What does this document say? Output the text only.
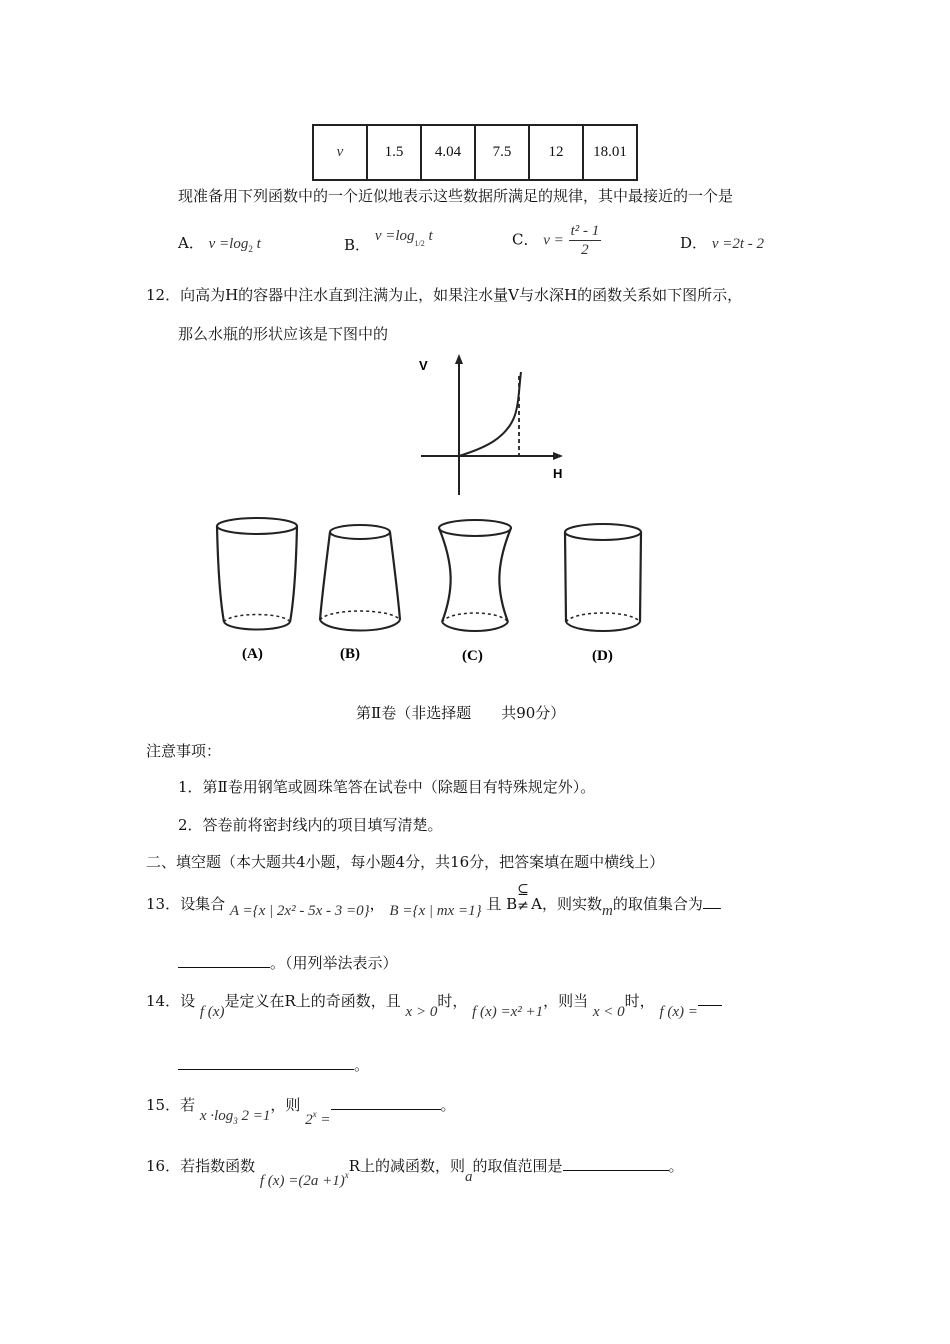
v	1.5	4.04	7.5	12	18.01
现准备用下列函数中的一个近似地表示这些数据所满足的规律，其中最接近的一个是
A． $v =\log_2$ t	B． $v =\log_{1/2}$ t	C． $v = \frac{\text{t² - 1}}{2}$	D． v =2t - 2
12．向高为H的容器中注水直到注满为止，如果注水量V与水深H的函数关系如下图所示，
那么水瓶的形状应该是下图中的
V
H
(A)	(B)	(C)	(D)
第Ⅱ卷（非选择题　　共90分）
注意事项：
1．第Ⅱ卷用钢笔或圆珠笔答在试卷中（除题目有特殊规定外）。
2．答卷前将密封线内的项目填写清楚。
二、填空题（本大题共4小题，每小题4分，共16分，把答案填在题中横线上）
13．设集合 A ={x | 2x² - 5x - 3 =0}， B ={x | mx =1} 且 B
⊆
≠ A，则实数m的取值集合为
。（用列举法表示）
14．设 f (x)是定义在R上的奇函数，且 x > 0时， f (x) =x² +1，则当 x < 0时， f (x) =
。
15．若 $x \cdot\log_3$ 2 =1，则 $2^x$ =。
16．若指数函数 f $(x) =(2a +1)^xR$上的减函数，则a的取值范围是	。
